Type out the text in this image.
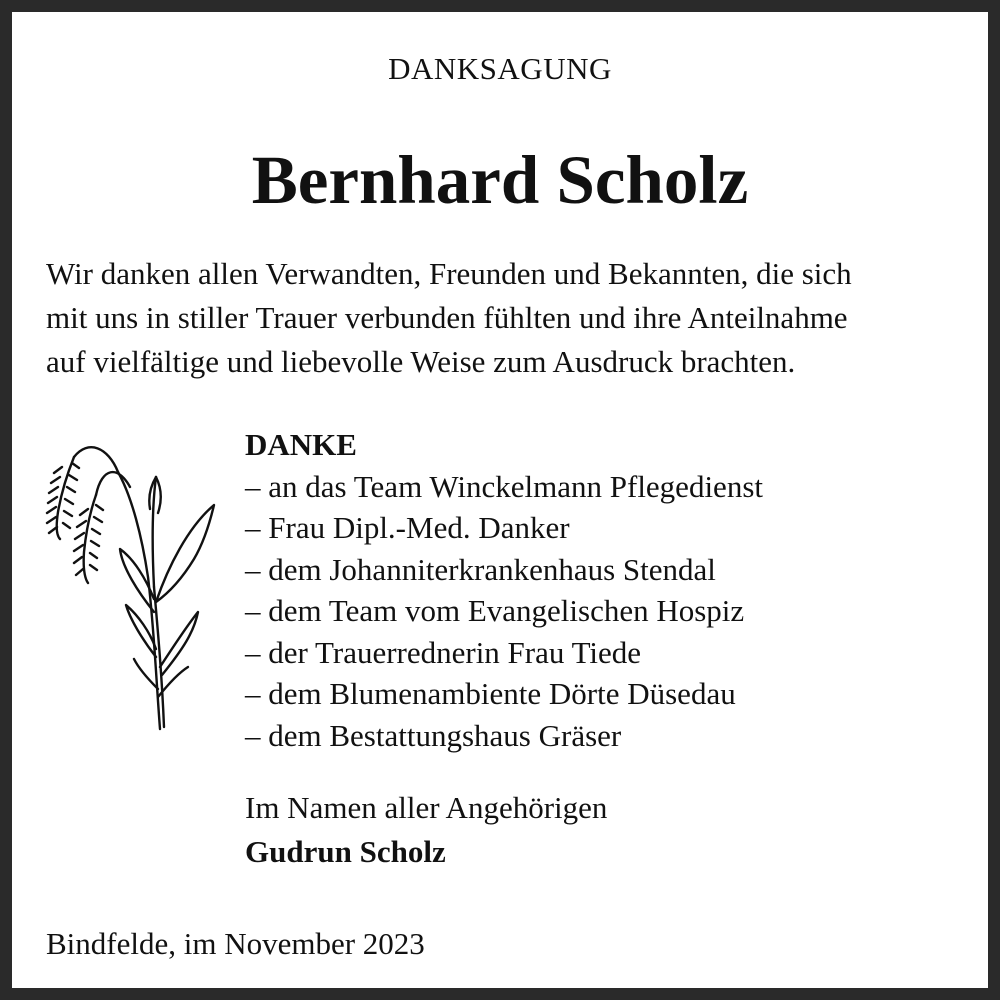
DANKSAGUNG
Bernhard Scholz

Wir danken allen Verwandten, Freunden und Bekannten, die sich
mit uns in stiller Trauer verbunden fühlten und ihre Anteilnahme
auf vielfältige und liebevolle Weise zum Ausdruck brachten.

DANKE
– an das Team Winckelmann Pflegedienst
– Frau Dipl.-Med. Danker
– dem Johanniterkrankenhaus Stendal
– dem Team vom Evangelischen Hospiz
– der Trauerrednerin Frau Tiede
– dem Blumenambiente Dörte Düsedau
– dem Bestattungshaus Gräser
Im Namen aller Angehörigen
Gudrun Scholz
Bindfelde, im November 2023
